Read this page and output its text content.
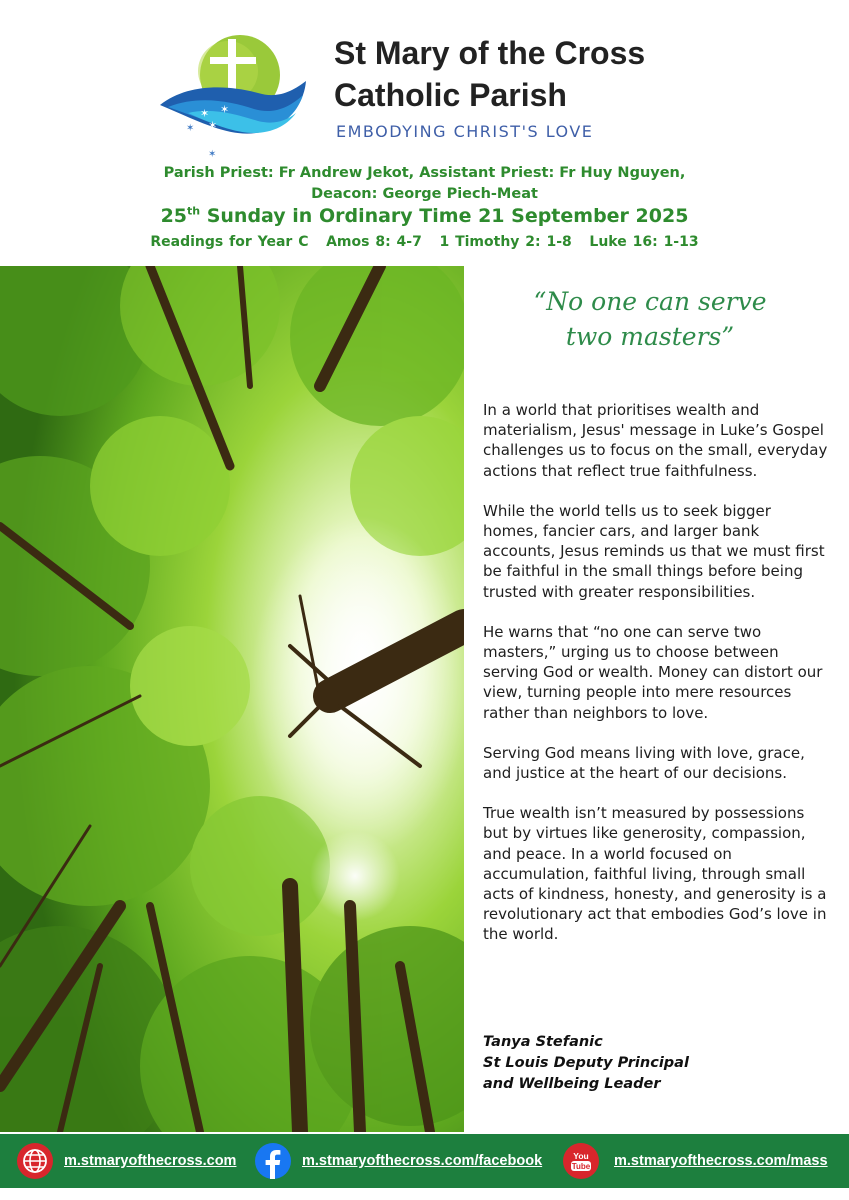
✶ ✶
✶
✶
✶
St Mary of the Cross
Catholic Parish
EMBODYING CHRIST'S LOVE
Parish Priest: Fr Andrew Jekot, Assistant Priest: Fr Huy Nguyen,
Deacon: George Piech-Meat
25th Sunday in Ordinary Time 21 September 2025
Readings for Year C   Amos 8: 4-7   1 Timothy 2: 1-8   Luke 16: 1-13
“No one can serve
two masters”

In a world that prioritises wealth and materialism, Jesus' message in Luke’s Gospel challenges us to focus on the small, everyday actions that reflect true faithfulness.

While the world tells us to seek bigger homes, fancier cars, and larger bank accounts, Jesus reminds us that we must first be faithful in the small things before being trusted with greater responsibilities.

He warns that “no one can serve two masters,” urging us to choose between serving God or wealth. Money can distort our view, turning people into mere resources rather than neighbors to love.

Serving God means living with love, grace, and justice at the heart of our decisions.

True wealth isn’t measured by possessions but by virtues like generosity, compassion, and peace. In a world focused on accumulation, faithful living, through small acts of kindness, honesty, and generosity is a revolutionary act that embodies God’s love in the world.

Tanya Stefanic
St Louis Deputy Principal
and Wellbeing Leader
m.stmaryofthecross.com	m.stmaryofthecross.com/facebook	You
Tube m.stmaryofthecross.com/mass
